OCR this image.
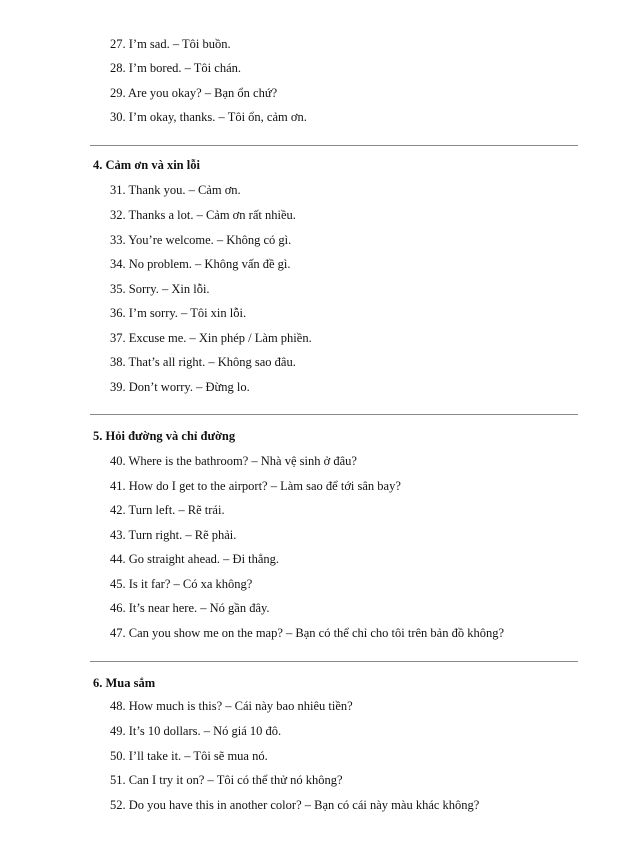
27. I’m sad. – Tôi buồn.
28. I’m bored. – Tôi chán.
29. Are you okay? – Bạn ổn chứ?
30. I’m okay, thanks. – Tôi ổn, cảm ơn.
4. Cảm ơn và xin lỗi
31. Thank you. – Cảm ơn.
32. Thanks a lot. – Cảm ơn rất nhiều.
33. You’re welcome. – Không có gì.
34. No problem. – Không vấn đề gì.
35. Sorry. – Xin lỗi.
36. I’m sorry. – Tôi xin lỗi.
37. Excuse me. – Xin phép / Làm phiền.
38. That’s all right. – Không sao đâu.
39. Don’t worry. – Đừng lo.
5. Hỏi đường và chỉ đường
40. Where is the bathroom? – Nhà vệ sinh ở đâu?
41. How do I get to the airport? – Làm sao để tới sân bay?
42. Turn left. – Rẽ trái.
43. Turn right. – Rẽ phải.
44. Go straight ahead. – Đi thẳng.
45. Is it far? – Có xa không?
46. It’s near here. – Nó gần đây.
47. Can you show me on the map? – Bạn có thể chỉ cho tôi trên bản đồ không?
6. Mua sắm
48. How much is this? – Cái này bao nhiêu tiền?
49. It’s 10 dollars. – Nó giá 10 đô.
50. I’ll take it. – Tôi sẽ mua nó.
51. Can I try it on? – Tôi có thể thử nó không?
52. Do you have this in another color? – Bạn có cái này màu khác không?
